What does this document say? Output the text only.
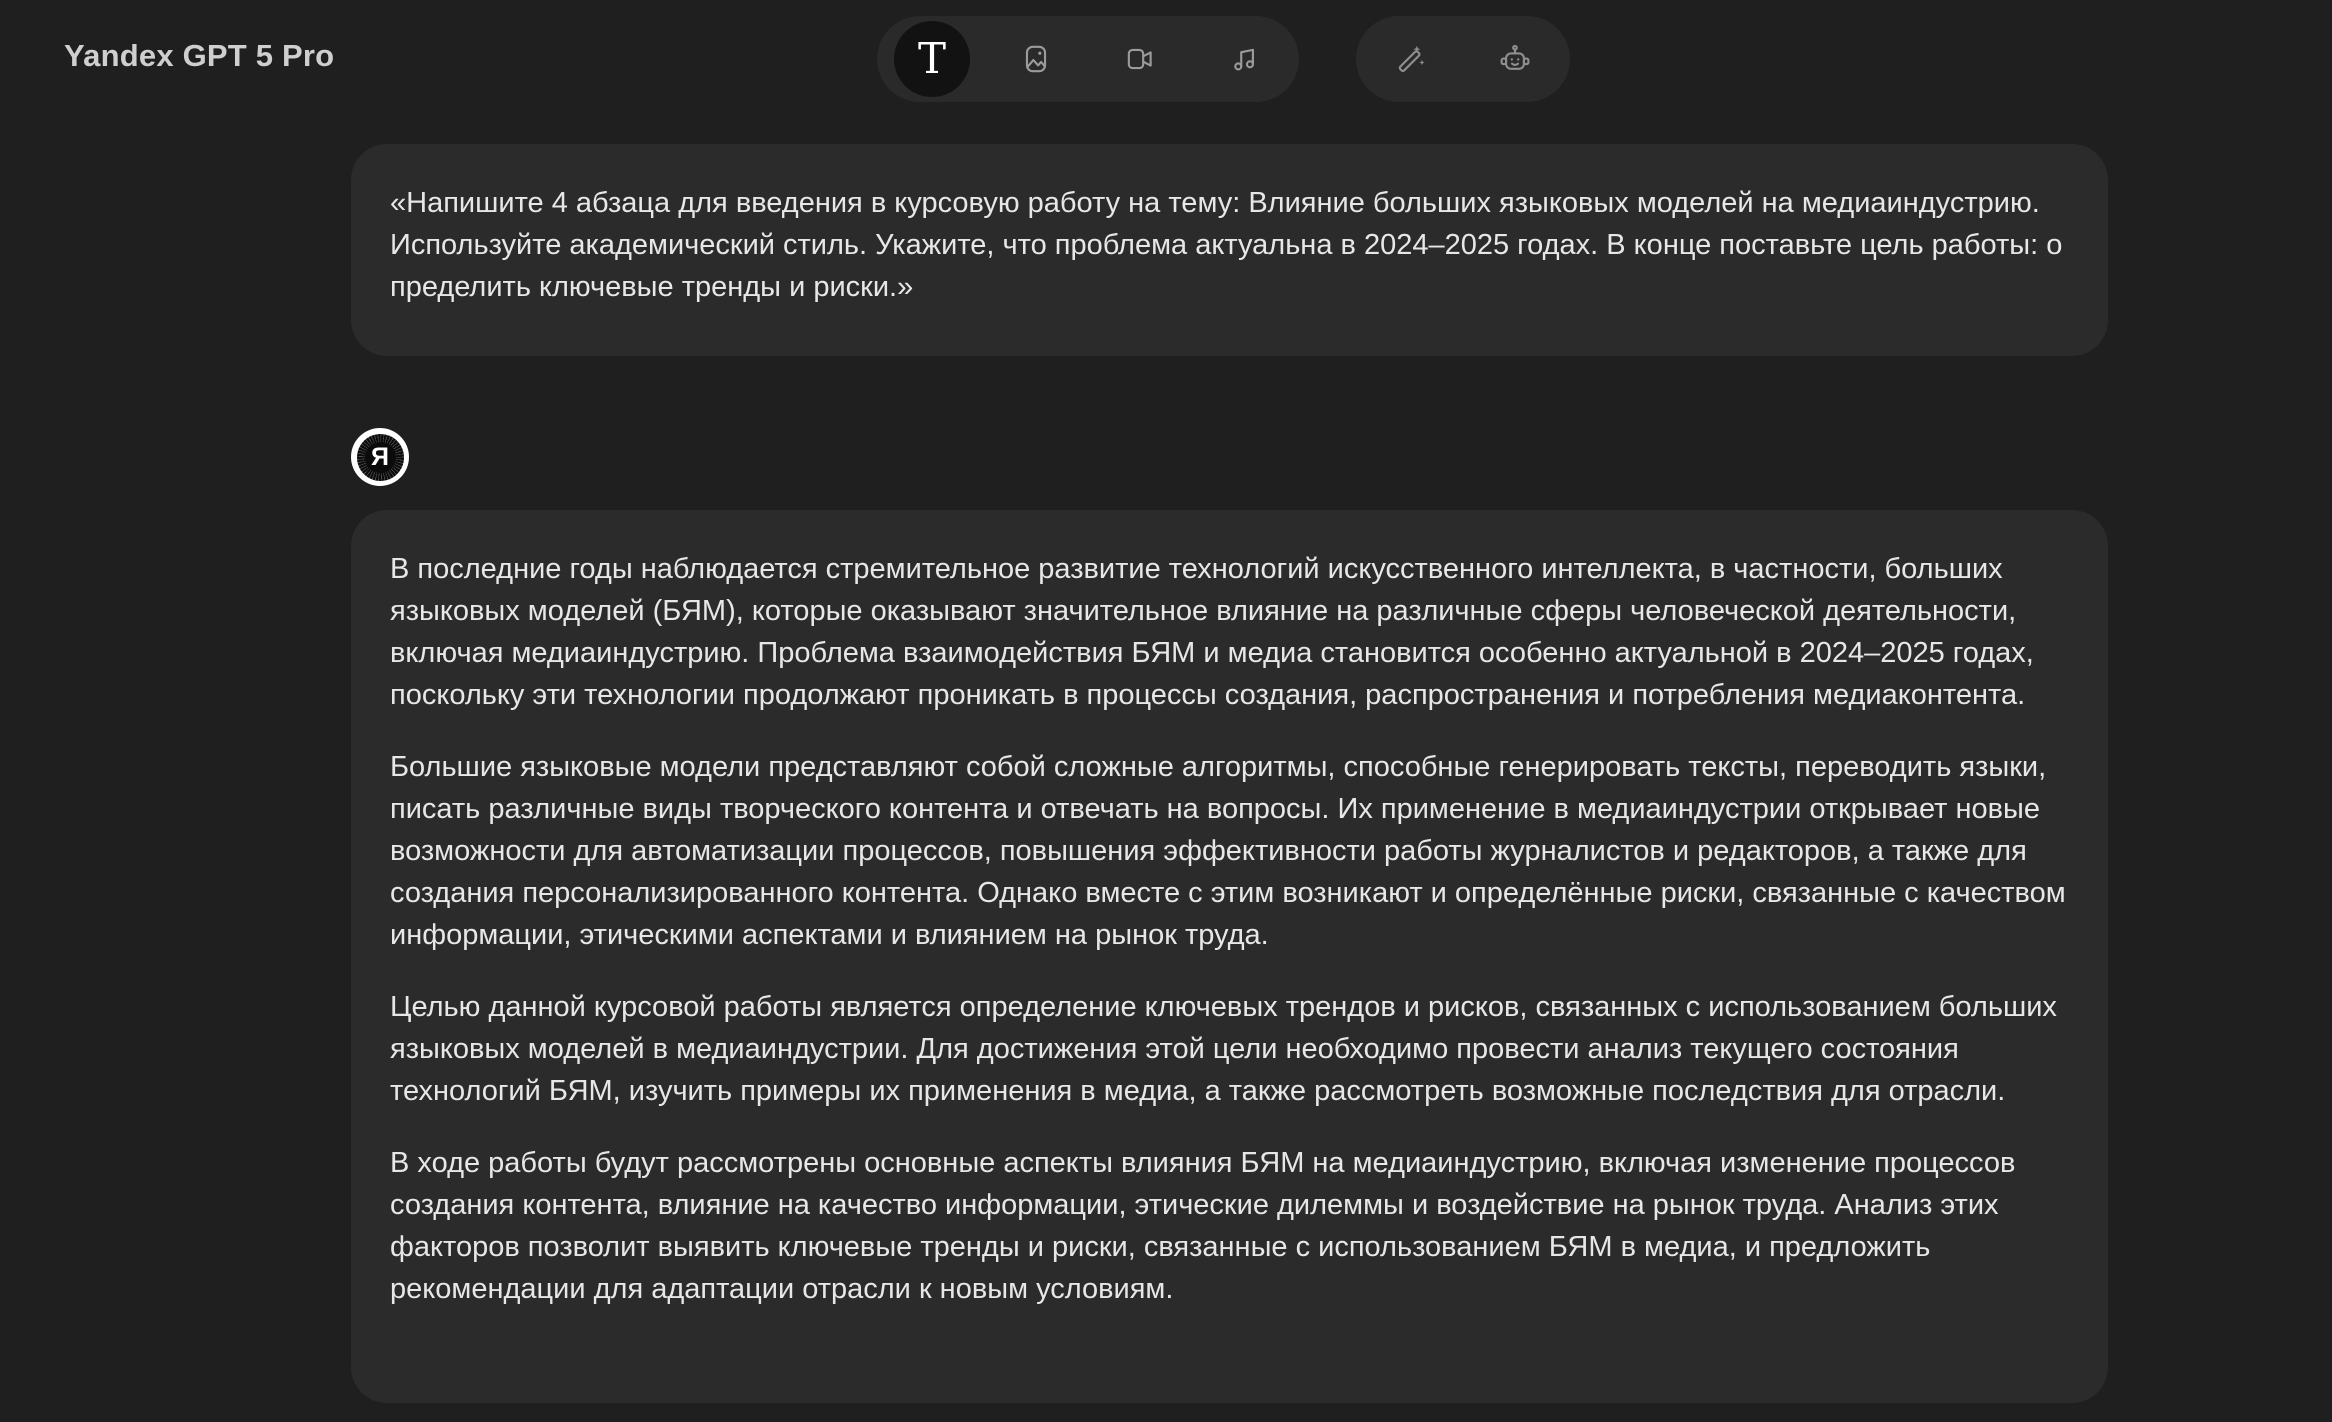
Yandex GPT 5 Pro	T
«Напишите 4 абзаца для введения в курсовую работу на тему: Влияние больших языковых моделей на медиаиндустрию. Используйте академический стиль. Укажите, что проблема актуальна в 2024–2025 годах. В конце поставьте цель работы: определить ключевые тренды и риски.»
Я

В последние годы наблюдается стремительное развитие технологий искусственного интеллекта, в частности, больших языковых моделей (БЯМ), которые оказывают значительное влияние на различные сферы человеческой деятельности, включая медиаиндустрию. Проблема взаимодействия БЯМ и медиа становится особенно актуальной в 2024–2025 годах, поскольку эти технологии продолжают проникать в процессы создания, распространения и потребления медиаконтента.

Большие языковые модели представляют собой сложные алгоритмы, способные генерировать тексты, переводить языки, писать различные виды творческого контента и отвечать на вопросы. Их применение в медиаиндустрии открывает новые возможности для автоматизации процессов, повышения эффективности работы журналистов и редакторов, а также для создания персонализированного контента. Однако вместе с этим возникают и определённые риски, связанные с качеством информации, этическими аспектами и влиянием на рынок труда.

Целью данной курсовой работы является определение ключевых трендов и рисков, связанных с использованием больших языковых моделей в медиаиндустрии. Для достижения этой цели необходимо провести анализ текущего состояния технологий БЯМ, изучить примеры их применения в медиа, а также рассмотреть возможные последствия для отрасли.

В ходе работы будут рассмотрены основные аспекты влияния БЯМ на медиаиндустрию, включая изменение процессов создания контента, влияние на качество информации, этические дилеммы и воздействие на рынок труда. Анализ этих факторов позволит выявить ключевые тренды и риски, связанные с использованием БЯМ в медиа, и предложить рекомендации для адаптации отрасли к новым условиям.
